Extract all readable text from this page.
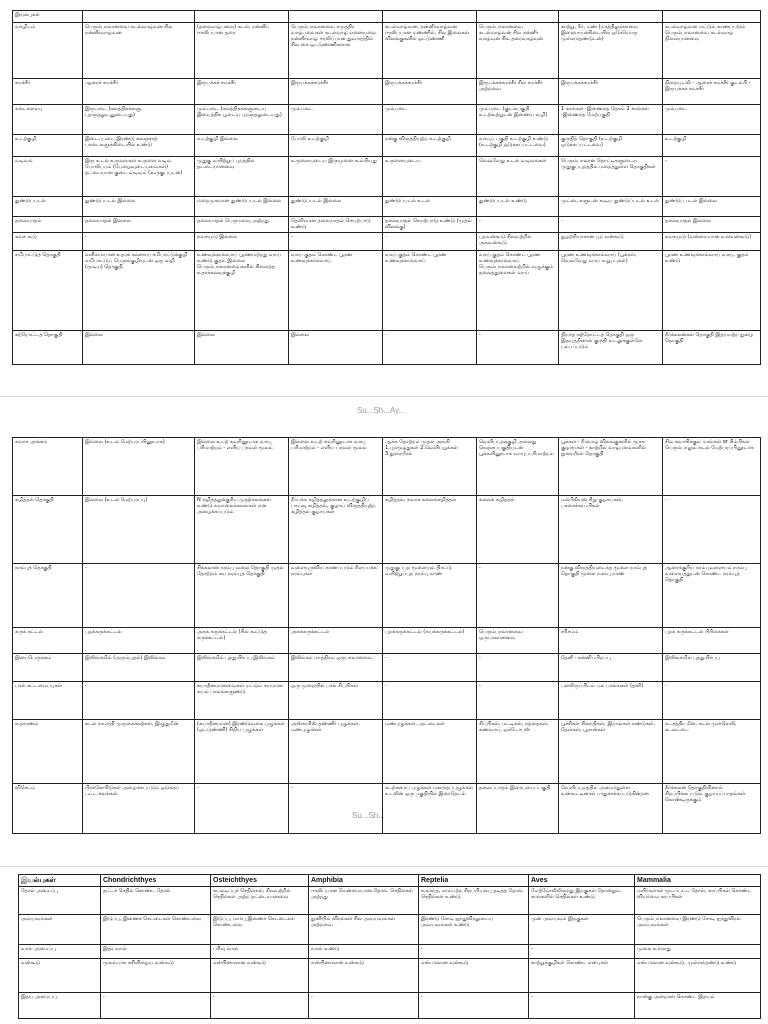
இயல்புகள்							
வாழிடம்	பெரும்பாலானவை கடல்வாழ்வன சில நன்னீர்வாழ்வன	(தரைவாழ்பவை) கடல், நன்னீர், ஈரலிப்பான தரை	பெரும்பாலானவை சமுத்திர வாழ்பவைகள் கடல்வாழ் எனையவை நன்னீர்வாழ் ஈரலிப்பான துவாரத்தில் சில கை ஒட்டுண்ணிகளாக	கடல்வாழ்வன, நன்னீர்வாழ்வன ஈரலிப்பான மண்ணில், சில இலைகள் விலங்குகளில் ஒட்டுண்ணி	பெரும்பாலானவை கடல்வாழ்வன் சில நன்னீர் வாழ்வன் சில தரைவாழ்வன்	காற்று, நீர், மண் (மரத்திலுள்ளவை இரைவாய்க்கிடையில் ஒரேயொரு முள்ளந்தண்டுடன்)	கடல்வாழ்வன மட்டும் காணப்படும் பெரும்பாலானவை கடல்வாழ் நிலையானவை
சமச்சீர்	ஆரைச் சமச்சீர்	இருபக்கச் சமச்சீர்	இருபக்கச்சமச்சீர்	இருபக்கச்சமச்சீர்	இருபக்கச்சமச்சீர் சில சமச்சீர் அற்றவை	இருபக்கச்சமச்சீர்	நிறையுடலி - ஆரைச் சமச்சீர் குடம்பி - இருபக்கச் சமச்சீர்
கடைகளம்பு	இருபடை (கலத்திசுக்களு. புறஞ்தலுடனுடையது)	மும்படை (கலத்திசுக்களுடைய இடைத்திசு பூடைய புறஞ்தலுடையது)	மும்படை	மும்படை	மும்படை (குடல்பகுதி உடற்கூற்றுடன் இணைய வழி)	1 கால்கள் -இணைந்த தேகம் 2 கால்கள் -இணைந்த மேற்பகுதி	மும்படை
உடற்குழி	இடைப்படை இரண்டு கலஞ்சாத் பாடைகளுக்கிடையில் உண்டு	உடற்குழி இல்லை	போலி உடற்குழி	நன்கு விருத்தியுற்ற உடற்குழி	வாயுப் பகுதி உடற்குழி உண்டு (உடற்குழி ஒடுக்கப்பட்டவை)	குருதித் தொகுதி (உடற்குழி ஒடுக்கப்பட்டவை)	உடற்குழி
வடிவம்	இரு உடல் உருவங்கள் உருளை வடிவ போலிப்பம் (பேழைவுடையவைகள்) தட்டையான குடை வடிவம் (கூருகுப்புடன்)	முதுகு வயிற்றுப் புறத்தில் தட்டையானவை	உருளையுடைய இருமுனை கூம்பியது	உருளையுடைய	வெவ்வேறு உடல் வடிவங்கள்	பெரும்பாலான தொட்டிகளுடைய முதுகுப்புறத்தில் மறைத்துள்ள தொகுதிகள்	-
துண்டுப்படல்	துண்டுப்படல் இல்லை	மறைமுகமான துண்டுப்படல் இல்லை	துண்டுப்படல் இல்லை	துண்டுப்படல் உடல்	துண்டுப்படல் உண்டு	முட்டைகளுடன் கூடிய துண்டுப்படல் உடல்	துண்டுப் படல் இல்லை
தலையாதல்	தலையாதல் இல்லை	தலையாதல் பெருமளவு அற்றது	தெளிவான தலையாதல் செயற்பாடு உண்டு	தலையாதல் செயற்பாடு உண்டு (முதல் விலங்கு)	-	-	தலையாதல் இல்லை
கவச கூடு	-	கவசமுடு இல்லை	-	-	புறவன்கூடு சிலவற்றில் அகவன்கூடு	நுழற்சியாகான புற வன்கூடு	கவசமுடு (வன்மையான உள்வன்கூடு)
சமிபாட்டுத் தொகுதி	எளிமையான உதரக் கலனாய் சமிபாட்டுக்குழி எமிபாட்டுப் பெருங்குழியுடன் ஒரு வழி (மூடிய) தொகுதி	உணவுக்கால்வாய் பூரணமற்றது வாய் உண்டு குதம் இல்லை பெரும்பாலானவைகளில் கிளைத்த உதரக்கலவுக்குழி	வாய் குதம் கொண்ட பூரண உணவுக்கால்வாய்	வாய் குதம் கொண்ட பூரண உணவுக்கால்வாய்	வாய் குதம் கொண்ட பூரண உணவுக்கால்வாய் பெரும்பாலானவற்றில் வழுக்கும் தலைத்துளைகள் வாய்	பூரண உணவுக்கால்வாய் (பூக்கள், வெவ்வேறு வாய் உறுப்புகள்)	பூரண உணவுக்கால்வாய் வாய், குதம் உண்டு
சுற்றோட்டத் தொகுதி	இல்லை	இல்லை	இல்லை	-	-	திறந்த சுற்றோட்டத் தொகுதி ஒரு இதயத்தினால் குருதி உடலுக்குள்ளே பம்பப்படும்	நீர்க்கலன்கள் தொகுதி இதயமற்ற நுழை தொகுதி
Su...Sh...Ay...
சுவாச அங்கம்	இல்லை (உடல் மேற்பரப்பினூடாக)	இல்லை உடற் சுவரினூடாக வாயு பரிமாற்றம் - எளிய பரவல் மூலம்	இல்லை உடற் சுவரினூடாக வாயு பரிமாற்றம் - எளிய பரவல் மூலம்	ஆக்க தோற்றம் முதல் அங்கி 1.புறமூழ்துகள் 2.வெளிப்பூக்கள் 3.நுரையீரல்	வெளிப்புறக்குழி அல்லது நெஞ்சப்பகுதியுடன் பூக்களினூடாக வாயுப்பரிமாற்றம்	பூக்கள் - நீர்வாழ் விலங்குகளில் மூச்சு குழாய்கள் - காற்றில் வாழ்பவைகளில் நுரையீரல் தொகுதி	சில சுவாசிக்கும் மரங்கள் or சிம்பிகள் பெரும்பாலும் கடல் மேற்பரப்பினூடாக
கழித்தல் தொகுதி	இல்லை (உடல் மேற்பரப்பு)	N கழித்தலுக்குரிய முதற்கலங்கள் உண்டு சுவாலைக்கலங்கள் என அழைக்கப்படும்	நீர்பக்க கழித்தலுக்கான உடற்குழிப் பாய்வு கழித்தல், குழாய் விருத்தியுற்ற கழித்தல் குழாய்கள்	கழித்தல், சுவாச கலைக்கழித்தல்	கலைக் கழித்தல்	மல்பிகியன் சிறு குழாய்கள், பச்சைச்சுரப்பிகள்	-
நரம்புத் தொகுதி	-	சிக்கலான நரம்பு வலை தொகுதி முதல் தோற்றம் சுய நரம்புத் தொகுதி	வளையுருவிய காணப்படும் நீளப்பக்க நரம்புகள்	முதுகுப்புற மூளையும் திரட்டு வயிற்றுப்புற நரம்பு நாண்	-	நன்கு விருத்தியடைந்த மூளை நரம்புத் தொகுதி மூளை நரம்பு நாண்	ஆரைக்குரிய நரம்புவளையம் நரம்பு வளையத்துடன் கொண்ட நரம்புத் தொகுதி
கருக் கட்டல்	புறக்கருக்கட்டல்	அகக் கருக்கட்டல் (சில கூட்டுத் கருக்கட்டல்)	அகக்கருக்கட்டல்	புறக்கருக்கட்டல் (சுயக்கருக்கட்டல்)	பெரும்பாலானவை ஒருபாலானவை	சரிசமம்	புறக் கருக்கட்டல் பிரிகைகள்
இனப்பெருக்கம்	இலிங்கமில் (அரும்புதல்) இலிங்கம்	இலிங்கமில் புத்துயிர்ப்பு இலிங்கம்	இலிங்கம் மாத்திரம் ஒருபாலானவை	-	-	தேனீ - கன்னிப்பிறப்பு	இலிங்கமில் புத்துயிர்ப்பு
பால் கட்டமைப்புகள்	-	சுயாதீனமானவைகள் மட்டும் சுயமான சுயம் பாலங்களுண்டு	ஒரு முறையில் பால் சிப்பிகள்	-	-	பல்லிருப்பிடம் பல பால்ங்கள் (தனி)	-
உதாரணம்	கடல் சாமந்தி முருகைக்கற்கள், இழுதுமீன்	(சுயாதீனமான) இரண்டுவகை புழுக்கள் (ஒட்டுண்ணி) சிறிய புழுக்கள்	அஸ்காரிஸ் தண்ணீர் புழுக்கள், மண்புழுக்கள்	மண்புழுக்கள், அட்டைகள்	சிப்பிகள், மட்டிகள், நத்தைகள், கணவாய், ஒக்டோபஸ்	பூச்சிகள் சிலந்திகள், இறால்கள் நண்டுகள், தேள்கள், பூரான்கள்	நட்சத்திர மீன், கடல் முள்ளெலி, கடலட்டை
விசேடம்	பிரக்கோசிடுகள் அழைக்கப்படும் ஒடுக்கப் பட்ட கலங்கள்	-	-	கடற்கரைப் புழுக்கள் மகரந்தப்புழுக்கள் உடலின் ஒரு பகுதியில் இரைதேடல்	தலைப்பாதம் இரைப்பைப்பகுதி	வெளிப்புறத்தில் அமைந்துள்ள வன்கூட்டினால் பாதுகாக்கப்படுகின்றன	நீர்க்கலன் தொகுதியினால் சிறப்பிக்கப்படும் குழாய்ப்பாதங்கள் கொண்டிருக்கும்
Su...Sh...
இயல்புகள்	Chondrichthyes	Osteichthyes	Amphibia	Reptelia	Aves	Mammalia
தோல் அமைப்பு	தட்டச் செதில் கொண்ட தோல்	கடலடிப்புச் செதில்கள், சிலவற்றில் செதில்கள் அற்ற தட்டையானவை	ஈரலிப்பான மென்மையான தோல், செதில்கள் அற்றது	உலர்ந்த, நரம்பற்ற சிறப்பியல்பு தடித்த தோல், செதில்கள் உண்டு	மேற்றோலிலிருந்து இறகுகள் தோன்றும், கால்களில் செதில்கள் உண்டு	மயிர்களால் மூடப்பட்ட தோல், சுரப்பிகள் கொண்ட வியர்வை சுரப்பிகள்
அவயவங்கள்	இடுப்பு, இணைச் செட்டைகள் கொண்டவை	இடுப்பு, மார்பு இணைச் செட்டைகள் கொண்டவை	நுனியில் விரல்கள் சில அவயவங்கள் அற்றவை	இரண்டு சோடி ஐந்துவிரலுடைய அவயவங்கள் உண்டு	முன் அவயவம் இறகுகள்	பெரும்பாலானவை இரண்டு சோடி ஐந்துவிரல் அவயவங்கள்
வால் அமைப்பு	இதர வால்	பரிவு வால்	வால் உண்டு	-	-	முலை உள்ளது
வன்கூடு	மூலம்பாக கசியிழைய வன்கூடு	என்பினாலான வன்கூடு	என்பினாலான வன்கூடு	என்பாலான வன்கூடு	காற்றுக்குழிகள் கொண்ட என்புகள்	என்பாலான வன்கூடு, முள்ளந்தண்டு உண்டு
இதய அமைப்பு	-	-	-	-	-	நான்கு அறைகள் கொண்ட இதயம்
